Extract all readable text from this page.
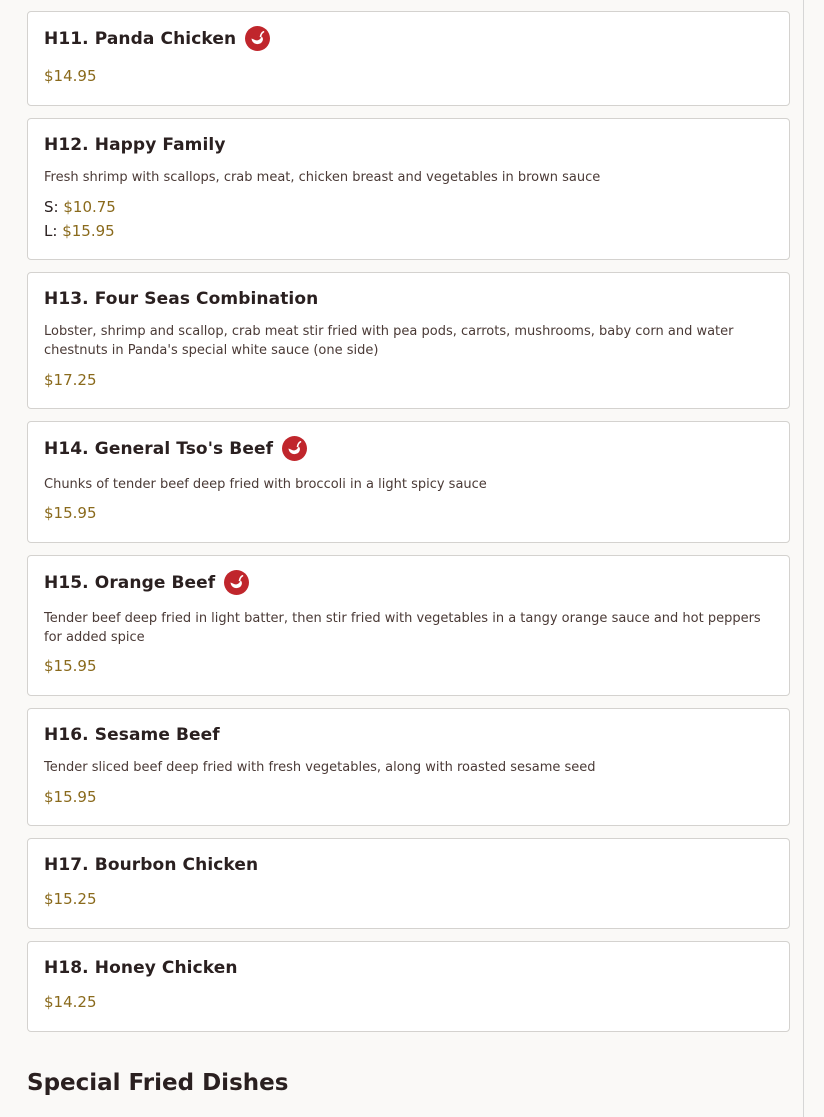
H11. Panda Chicken
$14.95
H12. Happy Family
Fresh shrimp with scallops, crab meat, chicken breast and vegetables in brown sauce
S: $10.75
L: $15.95
H13. Four Seas Combination
Lobster, shrimp and scallop, crab meat stir fried with pea pods, carrots, mushrooms, baby corn and water chestnuts in Panda's special white sauce (one side)
$17.25
H14. General Tso's Beef
Chunks of tender beef deep fried with broccoli in a light spicy sauce
$15.95
H15. Orange Beef
Tender beef deep fried in light batter, then stir fried with vegetables in a tangy orange sauce and hot peppers for added spice
$15.95
H16. Sesame Beef
Tender sliced beef deep fried with fresh vegetables, along with roasted sesame seed
$15.95
H17. Bourbon Chicken
$15.25
H18. Honey Chicken
$14.25
Special Fried Dishes
